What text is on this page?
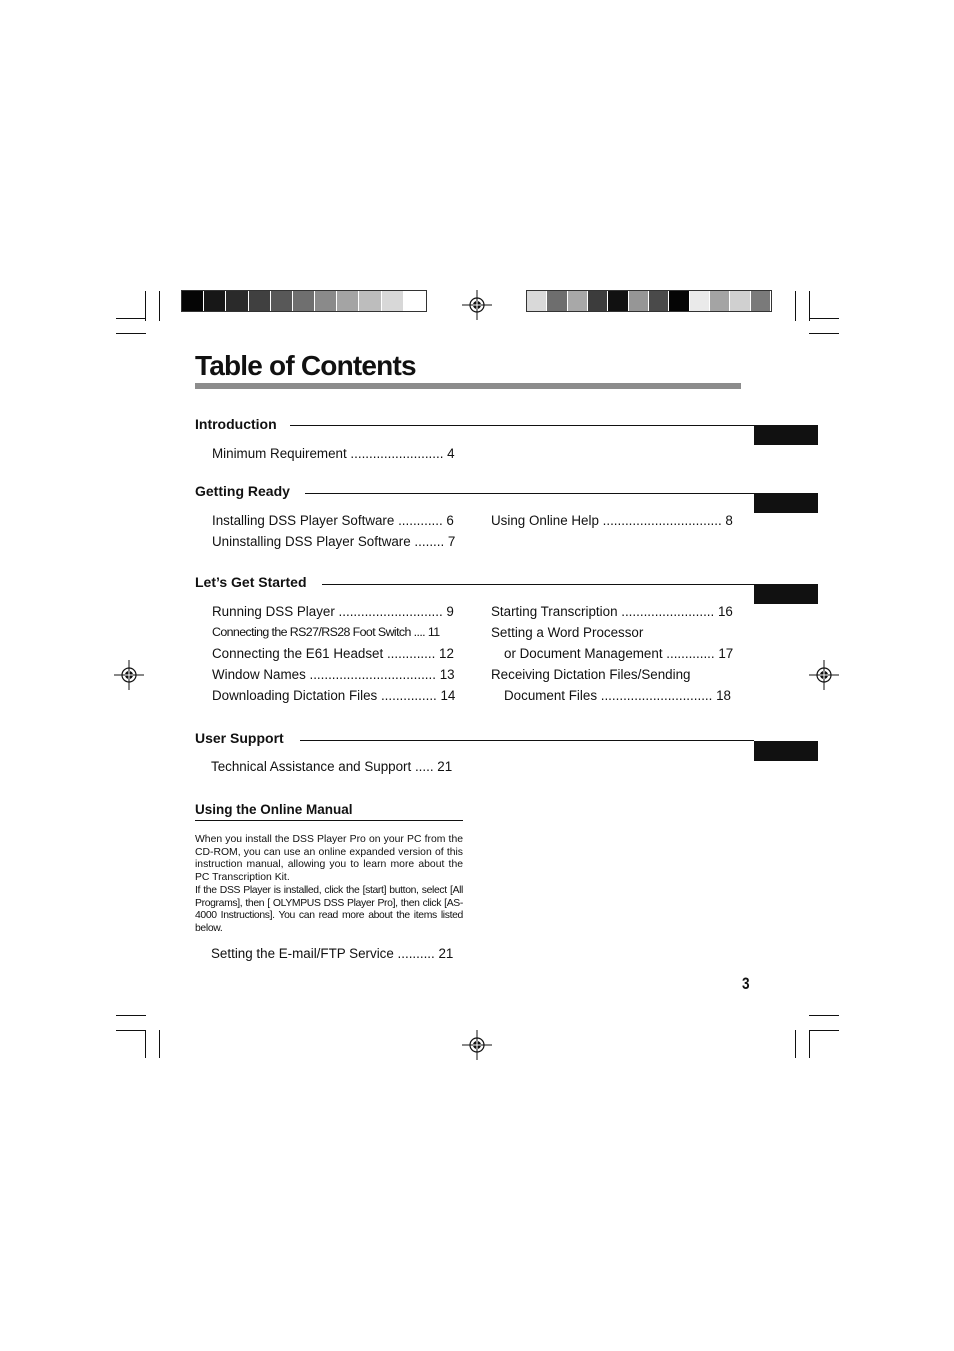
Table of Contents
Introduction
Minimum Requirement ......................... 4
Getting Ready
Installing DSS Player Software ............ 6
Uninstalling DSS Player Software ........ 7
Using Online Help ................................ 8
Let’s Get Started
Running DSS Player ............................ 9
Connecting the RS27/RS28 Foot Switch .... 11
Connecting the E61 Headset ............. 12
Window Names .................................. 13
Downloading Dictation Files ............... 14
Starting Transcription ......................... 16
Setting a Word Processor
or Document Management ............. 17
Receiving Dictation Files/Sending
Document Files .............................. 18
User Support
Technical Assistance and Support ..... 21
Using the Online Manual

When you install the DSS Player Pro on your PC from the CD-ROM, you can use an online expanded version of this instruction manual, allowing you to learn more about the PC Transcription Kit.

If the DSS Player is installed, click the [start] button, select [All Programs], then [ OLYMPUS DSS Player Pro], then click [AS-4000 Instructions]. You can read more about the items listed below.

Setting the E-mail/FTP Service .......... 21
3
